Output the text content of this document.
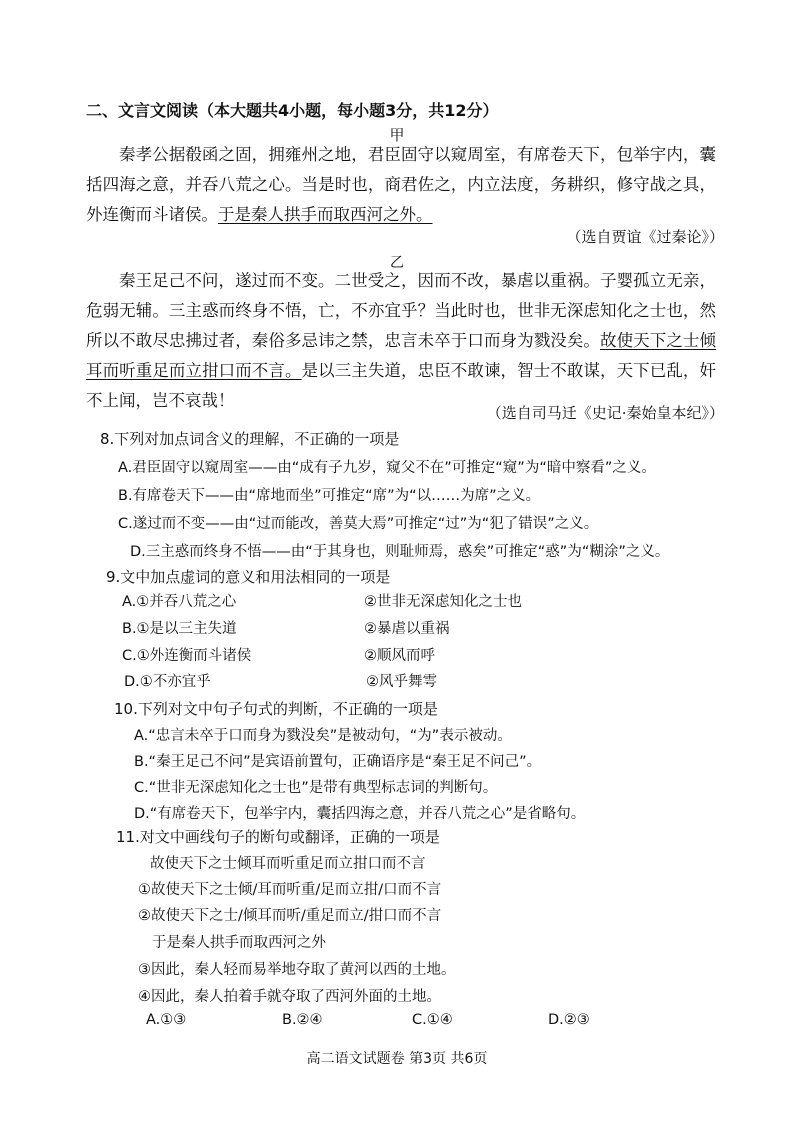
二、文言文阅读（本大题共4小题，每小题3分，共12分）
甲
秦孝公据殽函之固，拥雍州之地，君臣固守以窥周室，有席卷天下，包举宇内，囊括四海之意，并吞八荒之心。当是时也，商君佐之，内立法度，务耕织，修守战之具，外连衡而斗诸侯。于是秦人拱手而取西河之外。
（选自贾谊《过秦论》）
乙
秦王足己不问，遂过而不变。二世受之，因而不改，暴虐以重祸。子婴孤立无亲，危弱无辅。三主惑而终身不悟，亡，不亦宜乎？当此时也，世非无深虑知化之士也，然所以不敢尽忠拂过者，秦俗多忌讳之禁，忠言未卒于口而身为戮没矣。故使天下之士倾耳而听重足而立拑口而不言。是以三主失道，忠臣不敢谏，智士不敢谋，天下已乱，奸不上闻，岂不哀哉！
（选自司马迁《史记·秦始皇本纪》）
8.下列对加点词含义的理解，不正确的一项是
A.君臣固守以窥周室——由“成有子九岁，窥父不在”可推定“窥”为“暗中察看”之义。
B.有席卷天下——由“席地而坐”可推定“席”为“以……为席”之义。
C.遂过而不变——由“过而能改，善莫大焉”可推定“过”为“犯了错误”之义。
D.三主惑而终身不悟——由“于其身也，则耻师焉，惑矣”可推定“惑”为“糊涂”之义。
9.文中加点虚词的意义和用法相同的一项是
A.①并吞八荒之心	②世非无深虑知化之士也
B.①是以三主失道	②暴虐以重祸
C.①外连衡而斗诸侯	②顺风而呼
D.①不亦宜乎	②风乎舞雩
10.下列对文中句子句式的判断，不正确的一项是
A.“忠言未卒于口而身为戮没矣”是被动句，“为”表示被动。
B.“秦王足己不问”是宾语前置句，正确语序是“秦王足不问己”。
C.“世非无深虑知化之士也”是带有典型标志词的判断句。
D.“有席卷天下，包举宇内，囊括四海之意，并吞八荒之心”是省略句。
11.对文中画线句子的断句或翻译，正确的一项是
故使天下之士倾耳而听重足而立拑口而不言
①故使天下之士倾/耳而听重/足而立拑/口而不言
②故使天下之士/倾耳而听/重足而立/拑口而不言
于是秦人拱手而取西河之外
③因此，秦人轻而易举地夺取了黄河以西的土地。
④因此，秦人拍着手就夺取了西河外面的土地。
A.①③	B.②④	C.①④	D.②③
高二语文试题卷 第3页 共6页
